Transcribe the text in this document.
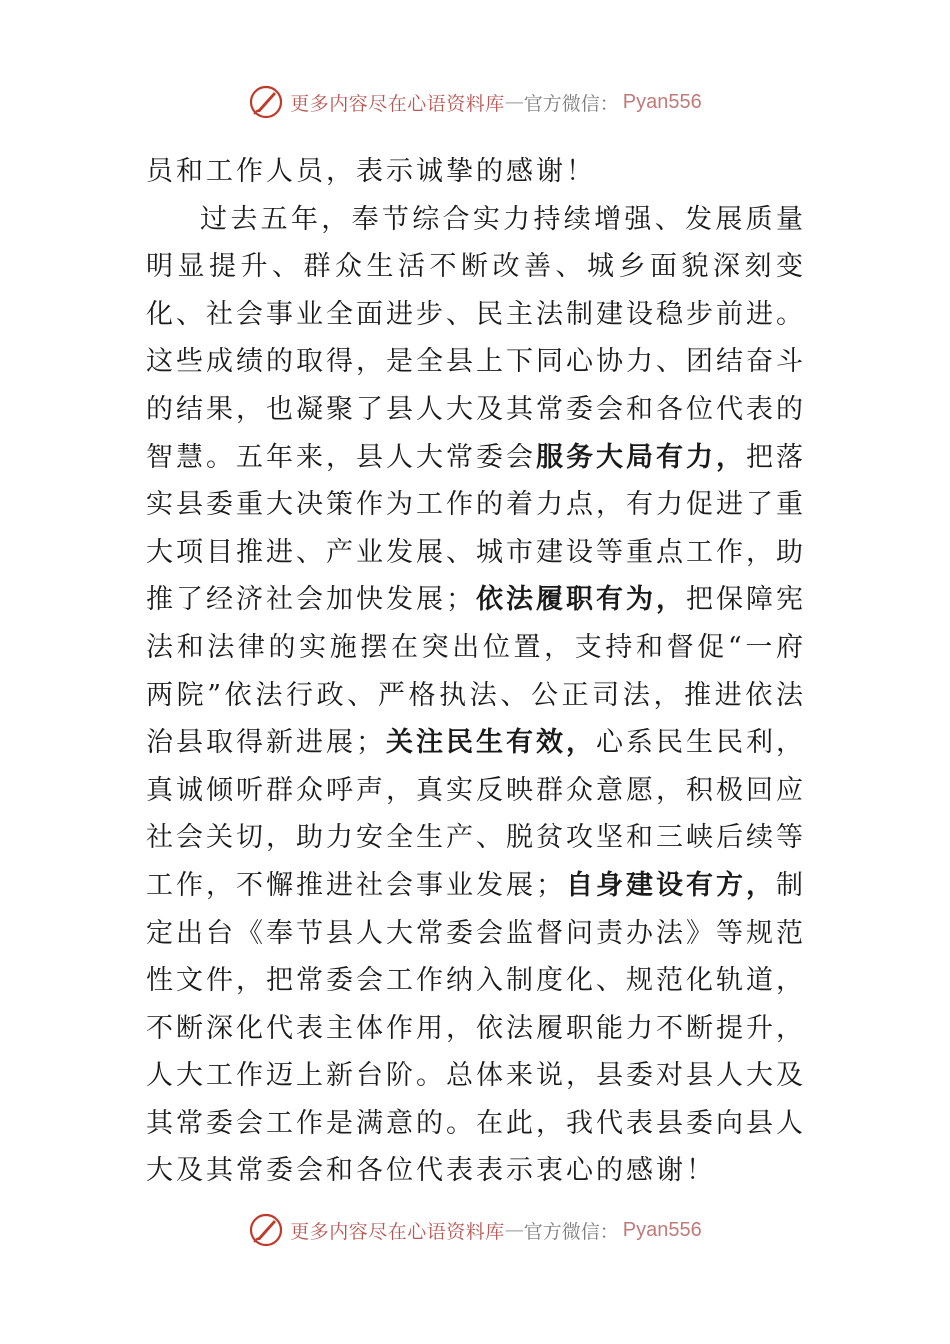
更多内容尽在心语资料库 — 官方微信： Pyan556

员和工作人员，表示诚挚的感谢！

过去五年，奉节综合实力持续增强、发展质量明显提升、群众生活不断改善、城乡面貌深刻变化、社会事业全面进步、民主法制建设稳步前进。这些成绩的取得，是全县上下同心协力、团结奋斗的结果，也凝聚了县人大及其常委会和各位代表的智慧。五年来，县人大常委会服务大局有力，把落实县委重大决策作为工作的着力点，有力促进了重大项目推进、产业发展、城市建设等重点工作，助推了经济社会加快发展；依法履职有为，把保障宪法和法律的实施摆在突出位置，支持和督促“一府两院”依法行政、严格执法、公正司法，推进依法治县取得新进展；关注民生有效，心系民生民利，真诚倾听群众呼声，真实反映群众意愿，积极回应社会关切，助力安全生产、脱贫攻坚和三峡后续等工作，不懈推进社会事业发展；自身建设有方，制定出台《奉节县人大常委会监督问责办法》等规范性文件，把常委会工作纳入制度化、规范化轨道，不断深化代表主体作用，依法履职能力不断提升，人大工作迈上新台阶。总体来说，县委对县人大及其常委会工作是满意的。在此，我代表县委向县人大及其常委会和各位代表表示衷心的感谢！

更多内容尽在心语资料库 — 官方微信： Pyan556
